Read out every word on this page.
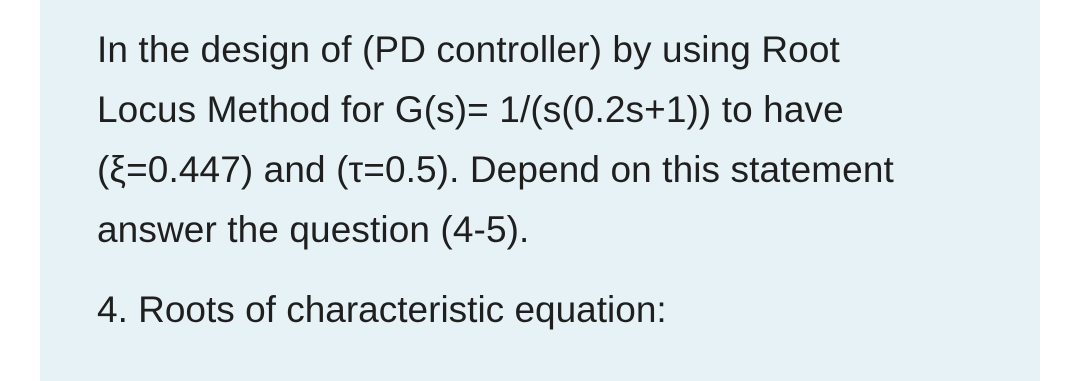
In the design of (PD controller) by using Root
Locus Method for G(s)= 1/(s(0.2s+1)) to have
(ξ=0.447) and (τ=0.5). Depend on this statement
answer the question (4-5).
4. Roots of characteristic equation:
